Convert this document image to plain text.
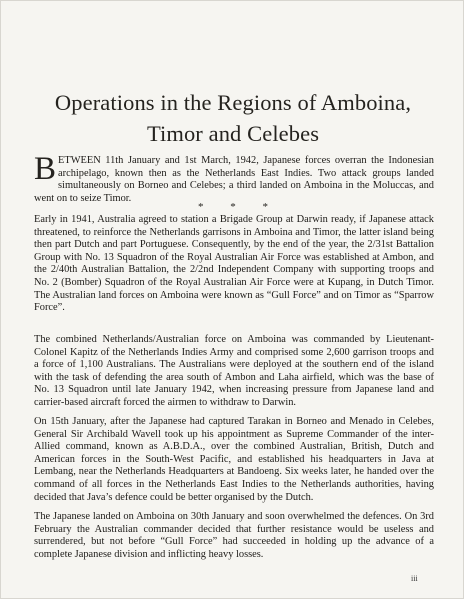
Operations in the Regions of Amboina,
Timor and Celebes
BETWEEN 11th January and 1st March, 1942, Japanese forces overran the Indonesian archipelago, known then as the Netherlands East Indies. Two attack groups landed simultaneously on Borneo and Celebes; a third landed on Amboina in the Moluccas, and went on to seize Timor.
* * *

Early in 1941, Australia agreed to station a Brigade Group at Darwin ready, if Japanese attack threatened, to reinforce the Netherlands garrisons in Amboina and Timor, the latter island being then part Dutch and part Portuguese. Consequently, by the end of the year, the 2/31st Battalion Group with No. 13 Squadron of the Royal Australian Air Force was established at Ambon, and the 2/40th Australian Battalion, the 2/2nd Independent Company with supporting troops and No. 2 (Bomber) Squadron of the Royal Australian Air Force were at Kupang, in Dutch Timor. The Australian land forces on Amboina were known as “Gull Force” and on Timor as “Sparrow Force”.

The combined Netherlands/Australian force on Amboina was commanded by Lieutenant-Colonel Kapitz of the Netherlands Indies Army and comprised some 2,600 garrison troops and a force of 1,100 Australians. The Australians were deployed at the southern end of the island with the task of defending the area south of Ambon and Laha airfield, which was the base of No. 13 Squadron until late January 1942, when increasing pressure from Japanese land and carrier-based aircraft forced the airmen to withdraw to Darwin.

On 15th January, after the Japanese had captured Tarakan in Borneo and Menado in Celebes, General Sir Archibald Wavell took up his appointment as Supreme Commander of the inter-Allied command, known as A.B.D.A., over the combined Australian, British, Dutch and American forces in the South-West Pacific, and established his headquarters in Java at Lembang, near the Netherlands Headquarters at Bandoeng. Six weeks later, he handed over the command of all forces in the Netherlands East Indies to the Netherlands authorities, having decided that Java’s defence could be better organised by the Dutch.

The Japanese landed on Amboina on 30th January and soon overwhelmed the defences. On 3rd February the Australian commander decided that further resistance would be useless and surrendered, but not before “Gull Force” had succeeded in holding up the advance of a complete Japanese division and inflicting heavy losses.

iii
